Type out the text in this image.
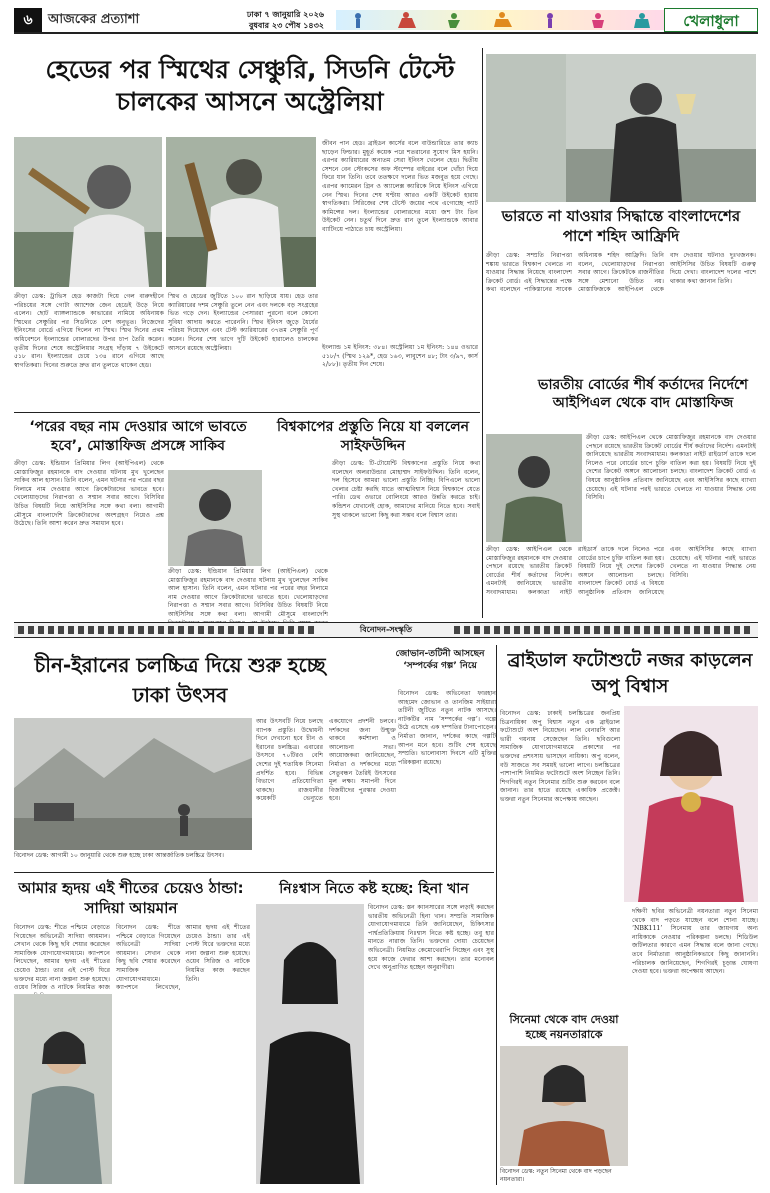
৬	আজকের প্রত্যাশা	ঢাকা ৭ জানুয়ারি ২০২৬
বুধবার ২৩ পৌষ ১৪৩২	খেলাধুলা
হেডের পর স্মিথের সেঞ্চুরি, সিডনি টেস্টে চালকের আসনে অস্ট্রেলিয়া
ক্রীড়া ডেস্ক: ট্রাভিস হেড কাজটা দিয়ে গেল বারুদহীনে পরিচয়ের সঙ্গে গোটা অ্যাশেজ জেন হেডেই উড়ে নিয়ে এলেন। ছোট ব্যাঙ্গল্যান্ডকে কাভারের নামিয়ে অধিনায়ক স্মিথের সেঞ্চুরির পর সিডনিতে বেশ অনুভূত। নিজেদের ইনিংসের বোর্ডে এগিয়ে দিলেন না স্মিথ। স্মিথ দিনের প্রথম অধিবেশনে ইংল্যান্ডের বোলারদের উপর চাপ তৈরি করেন। তৃতীয় দিনের শেষে অস্ট্রেলিয়ার সংগ্রহ দাঁড়ায় ৭ উইকেটে ৫১৮ রান। ইংল্যান্ডের চেয়ে ১৩৪ রানে এগিয়ে আছে স্বাগতিকরা। দিনের শুরুতে দ্রুত রান তুলতে থাকেন হেড।
স্মিথ ও হেডের জুটিতে ১০০ রান ছাড়িয়ে যায়। হেড তার ক্যারিয়ারের দশম সেঞ্চুরি তুলে নেন এবং দলকে বড় সংগ্রহের ভিত গড়ে দেন। ইংল্যান্ডের পেসাররা পুরনো বলে কোনো সুবিধা আদায় করতে পারেননি। স্মিথ ইনিংস জুড়ে ধৈর্যের পরিচয় দিয়েছেন এবং টেস্ট ক্যারিয়ারের ৩৭তম সেঞ্চুরি পূর্ণ করেন। দিনের শেষ ভাগে দুটি উইকেট হারালেও চালকের আসনে রয়েছে অস্ট্রেলিয়া।
জীবন পান হেড। ব্রাইডন কার্সের বলে বাউন্ডারিতে তার ক্যাচ ছাড়েন ফিল্ডার। মুহূর্ত কয়েক পরে শতরানের সুযোগ মিস হয়নি। এরপর ক্যারিয়ারের অন্যতম সেরা ইনিংস খেলেন হেড। দ্বিতীয় সেশনে বেন স্টোকসের অফ স্টাম্পের বাইরের বলে খোঁচা দিয়ে ফিরে যান তিনি। তবে ততক্ষণে দলের ভিত মজবুত হয়ে গেছে। এরপর ক্যামেরন গ্রিন ও অ্যালেক্স ক্যারিকে নিয়ে ইনিংস এগিয়ে নেন স্মিথ। দিনের শেষ ঘণ্টায় আরও একটি উইকেট হারায় স্বাগতিকরা। সিরিজের শেষ টেস্টে জয়ের পথে এগোচ্ছে প্যাট কামিন্সের দল। ইংল্যান্ডের বোলারদের মধ্যে জশ টাং তিন উইকেট নেন। চতুর্থ দিনে দ্রুত রান তুলে ইংল্যান্ডকে আবার ব্যাটিংয়ে পাঠাতে চায় অস্ট্রেলিয়া।
ইংল্যান্ড ১ম ইনিংস: ৩৮৪। অস্ট্রেলিয়া ১ম ইনিংস: ১৪৪ ওভারে ৫১৮/৭ (স্মিথ ১২৯*, হেড ১৬৩, লাবুশেন ৪৮; টাং ৩/৯৭, কার্স ২/৮৮)। তৃতীয় দিন শেষে।
ভারতে না যাওয়ার সিদ্ধান্তে বাংলাদেশের পাশে শহিদ আফ্রিদি
ক্রীড়া ডেস্ক: সম্প্রতি নিরাপত্তা শঙ্কায় ভারতে বিশ্বকাপ খেলতে না যাওয়ার সিদ্ধান্ত নিয়েছে বাংলাদেশ ক্রিকেট বোর্ড। এই সিদ্ধান্তের পক্ষে কথা বলেছেন পাকিস্তানের সাবেক অধিনায়ক শহিদ আফ্রিদি। তিনি বলেন, খেলোয়াড়দের নিরাপত্তা সবার আগে। ক্রিকেটকে রাজনীতির সঙ্গে মেশানো উচিত নয়। মোস্তাফিজকে আইপিএল থেকে বাদ দেওয়ার ঘটনাও দুঃখজনক। আইসিসির উচিত বিষয়টি গুরুত্ব দিয়ে দেখা। বাংলাদেশ দলের পাশে থাকার কথা জানান তিনি।
ভারতীয় বোর্ডের শীর্ষ কর্তাদের নির্দেশে আইপিএল থেকে বাদ মোস্তাফিজ
ক্রীড়া ডেস্ক: আইপিএল থেকে মোস্তাফিজুর রহমানকে বাদ দেওয়ার পেছনে রয়েছে ভারতীয় ক্রিকেট বোর্ডের শীর্ষ কর্তাদের নির্দেশ। এমনটাই জানিয়েছে ভারতীয় সংবাদমাধ্যম। কলকাতা নাইট রাইডার্স তাকে দলে নিলেও পরে বোর্ডের চাপে চুক্তি বাতিল করা হয়। বিষয়টি নিয়ে দুই দেশের ক্রিকেট অঙ্গনে আলোচনা চলছে। বাংলাদেশ ক্রিকেট বোর্ড এ বিষয়ে আনুষ্ঠানিক প্রতিবাদ জানিয়েছে এবং আইসিসির কাছে ব্যাখ্যা চেয়েছে। এই ঘটনার পরই ভারতে খেলতে না যাওয়ার সিদ্ধান্ত নেয় বিসিবি।
ক্রীড়া ডেস্ক: আইপিএল থেকে মোস্তাফিজুর রহমানকে বাদ দেওয়ার পেছনে রয়েছে ভারতীয় ক্রিকেট বোর্ডের শীর্ষ কর্তাদের নির্দেশ। এমনটাই জানিয়েছে ভারতীয় সংবাদমাধ্যম। কলকাতা নাইট রাইডার্স তাকে দলে নিলেও পরে বোর্ডের চাপে চুক্তি বাতিল করা হয়। বিষয়টি নিয়ে দুই দেশের ক্রিকেট অঙ্গনে আলোচনা চলছে। বাংলাদেশ ক্রিকেট বোর্ড এ বিষয়ে আনুষ্ঠানিক প্রতিবাদ জানিয়েছে এবং আইসিসির কাছে ব্যাখ্যা চেয়েছে। এই ঘটনার পরই ভারতে খেলতে না যাওয়ার সিদ্ধান্ত নেয় বিসিবি।
‘পরের বছর নাম দেওয়ার আগে ভাবতে হবে’, মোস্তাফিজ প্রসঙ্গে সাকিব
ক্রীড়া ডেস্ক: ইন্ডিয়ান প্রিমিয়ার লিগ (আইপিএল) থেকে মোস্তাফিজুর রহমানকে বাদ দেওয়ার ঘটনায় মুখ খুলেছেন সাকিব আল হাসান। তিনি বলেন, এমন ঘটনার পর পরের বছর নিলামে নাম দেওয়ার আগে ক্রিকেটারদের ভাবতে হবে। খেলোয়াড়দের নিরাপত্তা ও সম্মান সবার আগে। বিসিবির উচিত বিষয়টি নিয়ে আইসিসির সঙ্গে কথা বলা। আগামী মৌসুমে বাংলাদেশি ক্রিকেটারদের অংশগ্রহণ নিয়েও প্রশ্ন উঠেছে। তিনি আশা করেন দ্রুত সমাধান হবে।
ক্রীড়া ডেস্ক: ইন্ডিয়ান প্রিমিয়ার লিগ (আইপিএল) থেকে মোস্তাফিজুর রহমানকে বাদ দেওয়ার ঘটনায় মুখ খুলেছেন সাকিব আল হাসান। তিনি বলেন, এমন ঘটনার পর পরের বছর নিলামে নাম দেওয়ার আগে ক্রিকেটারদের ভাবতে হবে। খেলোয়াড়দের নিরাপত্তা ও সম্মান সবার আগে। বিসিবির উচিত বিষয়টি নিয়ে আইসিসির সঙ্গে কথা বলা। আগামী মৌসুমে বাংলাদেশি
বিশ্বকাপের প্রস্তুতি নিয়ে যা বললেন সাইফউদ্দিন
ক্রীড়া ডেস্ক: টি-টোয়েন্টি বিশ্বকাপের প্রস্তুতি নিয়ে কথা বলেছেন অলরাউন্ডার মোহাম্মদ সাইফউদ্দিন। তিনি বলেন, দল হিসেবে আমরা ভালো প্রস্তুতি নিচ্ছি। বিপিএলে ভালো খেলার চেষ্টা করছি যাতে আত্মবিশ্বাস নিয়ে বিশ্বকাপে যেতে পারি। ডেথ ওভারে বোলিংয়ে আরও উন্নতি করতে চাই। কন্ডিশন যেখানেই হোক, আমাদের মানিয়ে নিতে হবে। সবাই সুস্থ থাকলে ভালো কিছু করা সম্ভব বলে বিশ্বাস তার।
বিনোদন-সংস্কৃতি
চীন-ইরানের চলচ্চিত্র দিয়ে শুরু হচ্ছে ঢাকা উৎসব
বিনোদন ডেস্ক: আগামী ১০ জানুয়ারি থেকে শুরু হচ্ছে ঢাকা আন্তর্জাতিক চলচ্চিত্র উৎসব।
আর উৎসবটি নিয়ে চলছে ব্যাপক প্রস্তুতি। উদ্বোধনী দিনে দেখানো হবে চীন ও ইরানের চলচ্চিত্র। এবারের উৎসবে ৭০টিরও বেশি দেশের দুই শতাধিক সিনেমা প্রদর্শিত হবে। বিভিন্ন বিভাগে প্রতিযোগিতা থাকছে। রাজধানীর কয়েকটি ভেন্যুতে একযোগে প্রদর্শনী চলবে। দর্শকদের জন্য উন্মুক্ত থাকবে কর্মশালা ও আলোচনা সভা। আয়োজকরা জানিয়েছেন, নির্মাতা ও দর্শকদের মধ্যে সেতুবন্ধন তৈরিই উৎসবের মূল লক্ষ্য। সমাপনী দিনে বিজয়ীদের পুরস্কার দেওয়া হবে।
জোভান-তটিনী আসছেন ‘সম্পর্কের গল্প’ নিয়ে
বিনোদন ডেস্ক: অভিনেতা ফারহান আহমেদ জোভান ও তানজিম সাইয়ারা তটিনী জুটিতে নতুন নাটক আসছে। নাটকটির নাম ‘সম্পর্কের গল্প’। গল্পে উঠে এসেছে এক দম্পতির টানাপোড়েন। নির্মাতা জানান, দর্শকের কাছে গল্পটি আপন মনে হবে। শুটিং শেষ হয়েছে সম্প্রতি। ভালোবাসা দিবসে এটি মুক্তির পরিকল্পনা রয়েছে।
ব্রাইডাল ফটোশুটে নজর কাড়লেন অপু বিশ্বাস
বিনোদন ডেস্ক: ঢাকাই চলচ্চিত্রের জনপ্রিয় চিত্রনায়িকা অপু বিশ্বাস নতুন এক ব্রাইডাল ফটোশুটে অংশ নিয়েছেন। লাল বেনারসি আর ভারী গয়নায় সেজেছেন তিনি। ছবিগুলো সামাজিক যোগাযোগমাধ্যমে প্রকাশের পর ভক্তদের প্রশংসায় ভাসছেন নায়িকা। অপু বলেন, বউ সাজতে সব সময়ই ভালো লাগে। চলচ্চিত্রের পাশাপাশি নিয়মিত ফটোশুটে অংশ নিচ্ছেন তিনি। শিগগিরই নতুন সিনেমার শুটিং শুরু করবেন বলে জানান। তার হাতে রয়েছে একাধিক প্রজেক্ট। ভক্তরা নতুন সিনেমার অপেক্ষায় আছেন।
আমার হৃদয় এই শীতের চেয়েও ঠান্ডা: সাদিয়া আয়মান
বিনোদন ডেস্ক: শীতে পশ্চিমে বেড়াতে গিয়েছেন অভিনেত্রী সাদিয়া আয়মান। সেখান থেকে কিছু ছবি শেয়ার করেছেন সামাজিক যোগাযোগমাধ্যমে। ক্যাপশনে লিখেছেন, আমার হৃদয় এই শীতের চেয়েও ঠান্ডা। তার এই পোস্ট ঘিরে ভক্তদের মধ্যে নানা জল্পনা শুরু হয়েছে। ওয়েব সিরিজ ও নাটকে নিয়মিত কাজ
বিনোদন ডেস্ক: শীতে পশ্চিমে বেড়াতে গিয়েছেন অভিনেত্রী সাদিয়া আয়মান। সেখান থেকে কিছু ছবি শেয়ার করেছেন সামাজিক যোগাযোগমাধ্যমে। ক্যাপশনে লিখেছেন, আমার হৃদয় এই শীতের চেয়েও ঠান্ডা। তার এই পোস্ট ঘিরে ভক্তদের মধ্যে নানা জল্পনা শুরু হয়েছে। ওয়েব সিরিজ ও নাটকে নিয়মিত কাজ করছেন তিনি।
নিঃশ্বাস নিতে কষ্ট হচ্ছে: হিনা খান
বিনোদন ডেস্ক: স্তন ক্যানসারের সঙ্গে লড়াই করছেন ভারতীয় অভিনেত্রী হিনা খান। সম্প্রতি সামাজিক যোগাযোগমাধ্যমে তিনি জানিয়েছেন, চিকিৎসার পার্শ্বপ্রতিক্রিয়ায় নিঃশ্বাস নিতে কষ্ট হচ্ছে। তবু হার মানতে নারাজ তিনি। ভক্তদের দোয়া চেয়েছেন অভিনেত্রী। নিয়মিত কেমোথেরাপি নিচ্ছেন এবং সুস্থ হয়ে কাজে ফেরার আশা করছেন। তার মনোবল দেখে অনুপ্রাণিত হচ্ছেন অনুরাগীরা।
সিনেমা থেকে বাদ দেওয়া হচ্ছে নয়নতারাকে
বিনোদন ডেস্ক: নতুন সিনেমা থেকে বাদ পড়ছেন নয়নতারা।
দক্ষিণী ছবির অভিনেত্রী নয়নতারা নতুন সিনেমা থেকে বাদ পড়তে যাচ্ছেন বলে শোনা যাচ্ছে। ‘NBK111’ সিনেমায় তার জায়গায় অন্য নায়িকাকে নেওয়ার পরিকল্পনা চলছে। শিডিউল জটিলতার কারণে এমন সিদ্ধান্ত বলে জানা গেছে। তবে নির্মাতারা আনুষ্ঠানিকভাবে কিছু জানাননি। পরিচালক জানিয়েছেন, শিগগিরই চূড়ান্ত ঘোষণা দেওয়া হবে। ভক্তরা অপেক্ষায় আছেন।
